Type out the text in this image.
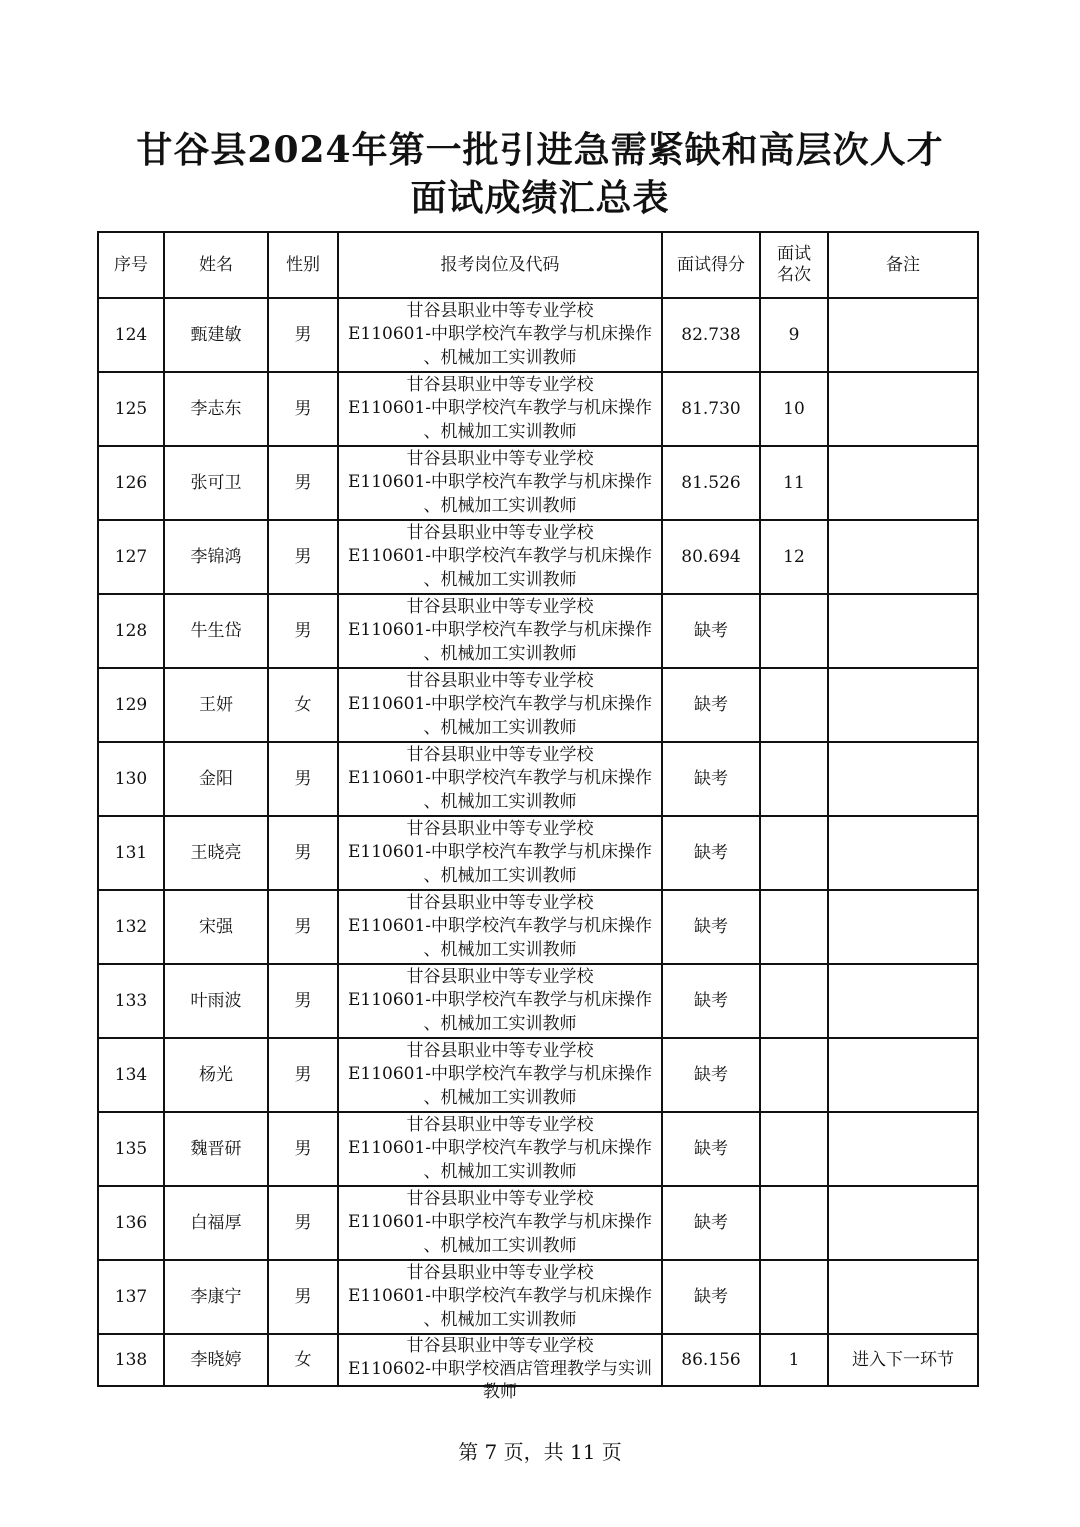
甘谷县2024年第一批引进急需紧缺和高层次人才
面试成绩汇总表
序号	姓名	性别	报考岗位及代码	面试得分	面试
名次	备注
124	甄建敏	男	甘谷县职业中等专业学校
E110601-中职学校汽车教学与机床操作
、机械加工实训教师	82.738	9	
125	李志东	男	甘谷县职业中等专业学校
E110601-中职学校汽车教学与机床操作
、机械加工实训教师	81.730	10	
126	张可卫	男	甘谷县职业中等专业学校
E110601-中职学校汽车教学与机床操作
、机械加工实训教师	81.526	11	
127	李锦鸿	男	甘谷县职业中等专业学校
E110601-中职学校汽车教学与机床操作
、机械加工实训教师	80.694	12	
128	牛生岱	男	甘谷县职业中等专业学校
E110601-中职学校汽车教学与机床操作
、机械加工实训教师	缺考		
129	王妍	女	甘谷县职业中等专业学校
E110601-中职学校汽车教学与机床操作
、机械加工实训教师	缺考		
130	金阳	男	甘谷县职业中等专业学校
E110601-中职学校汽车教学与机床操作
、机械加工实训教师	缺考		
131	王晓亮	男	甘谷县职业中等专业学校
E110601-中职学校汽车教学与机床操作
、机械加工实训教师	缺考		
132	宋强	男	甘谷县职业中等专业学校
E110601-中职学校汽车教学与机床操作
、机械加工实训教师	缺考		
133	叶雨波	男	甘谷县职业中等专业学校
E110601-中职学校汽车教学与机床操作
、机械加工实训教师	缺考		
134	杨光	男	甘谷县职业中等专业学校
E110601-中职学校汽车教学与机床操作
、机械加工实训教师	缺考		
135	魏晋研	男	甘谷县职业中等专业学校
E110601-中职学校汽车教学与机床操作
、机械加工实训教师	缺考		
136	白福厚	男	甘谷县职业中等专业学校
E110601-中职学校汽车教学与机床操作
、机械加工实训教师	缺考		
137	李康宁	男	甘谷县职业中等专业学校
E110601-中职学校汽车教学与机床操作
、机械加工实训教师	缺考		
138	李晓婷	女	甘谷县职业中等专业学校
E110602-中职学校酒店管理教学与实训
教师	86.156	1	进入下一环节
第 7 页，共 11 页
